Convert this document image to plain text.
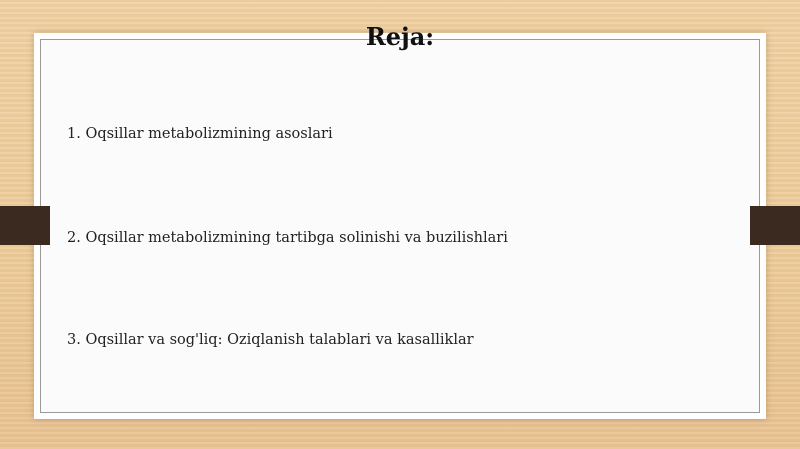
Reja:
1. Oqsillar metabolizmining asoslari
2. Oqsillar metabolizmining tartibga solinishi va buzilishlari
3. Oqsillar va sog'liq: Oziqlanish talablari va kasalliklar
